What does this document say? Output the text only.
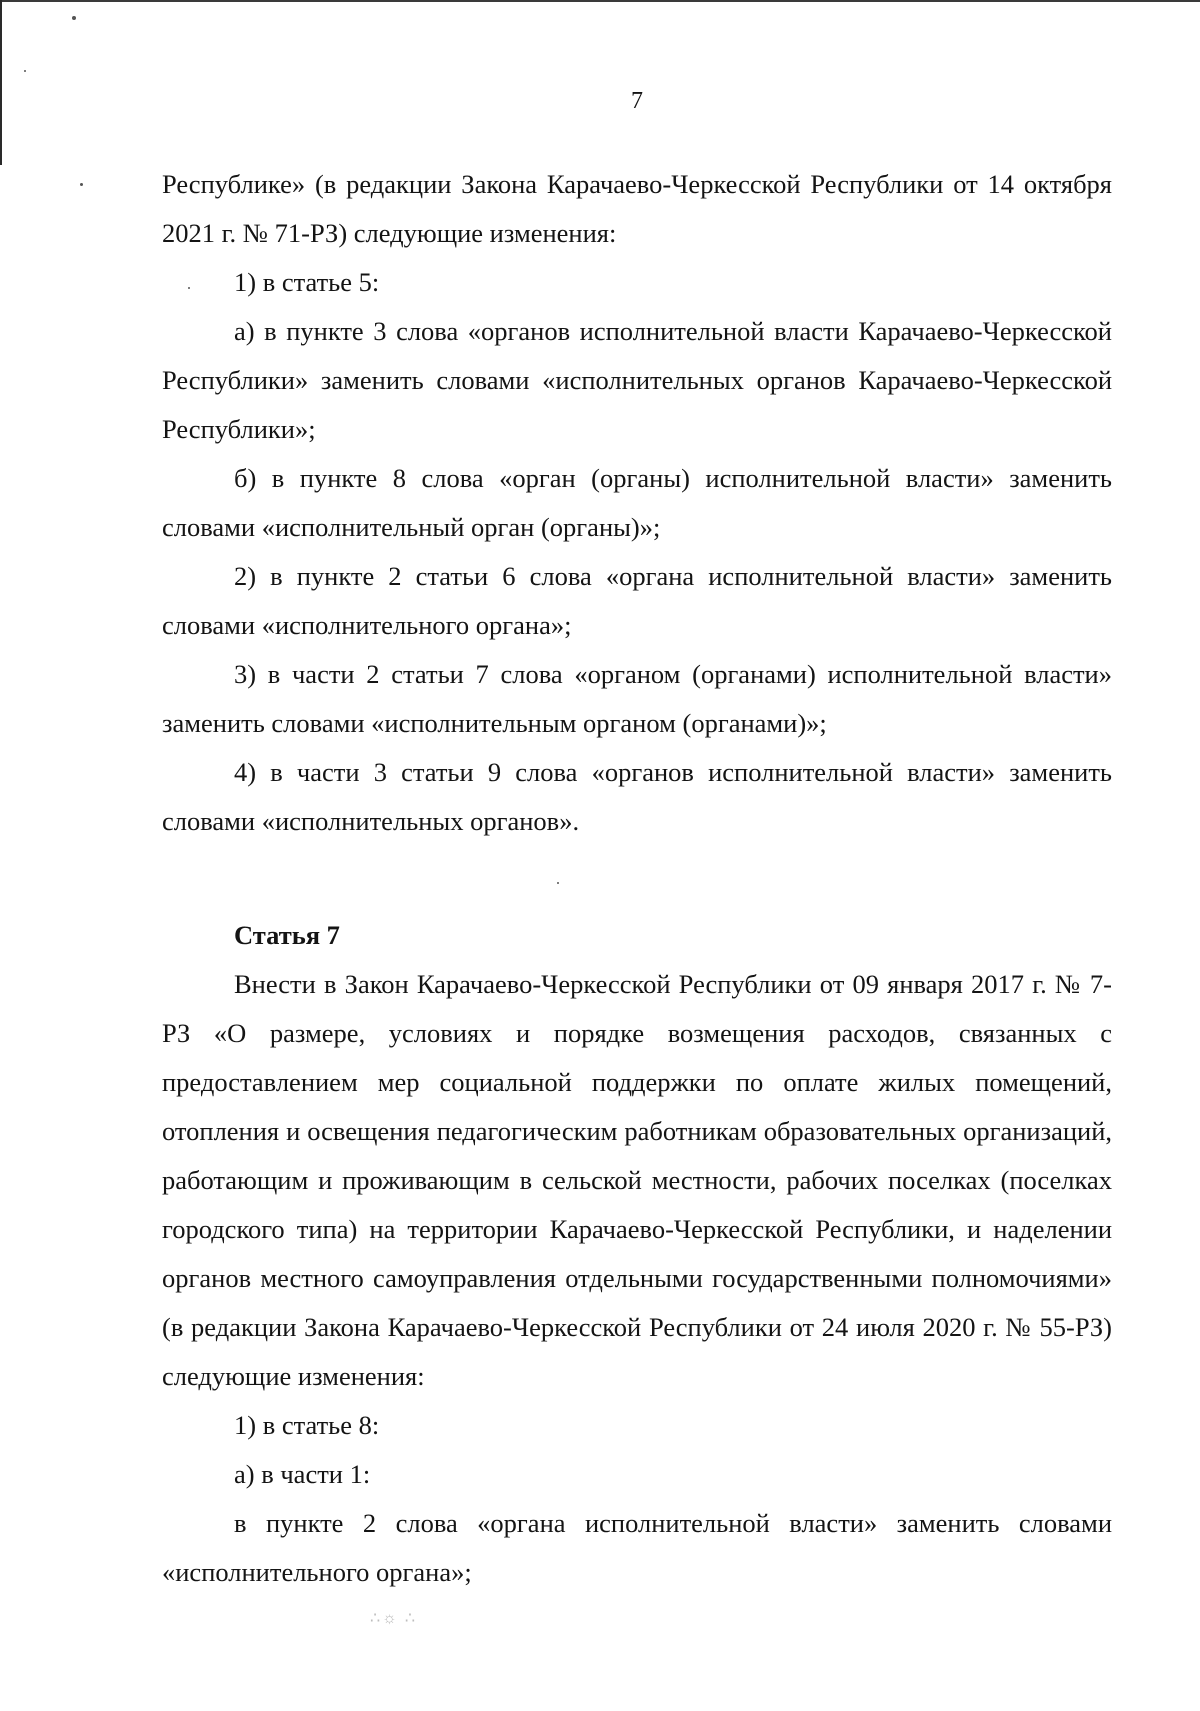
7

Республике» (в редакции Закона Карачаево-Черкесской Республики от 14 октября 2021 г. № 71-РЗ) следующие изменения:

1) в статье 5:

а) в пункте 3 слова «органов исполнительной власти Карачаево-Черкесской Республики» заменить словами «исполнительных органов Карачаево-Черкесской Республики»;

б) в пункте 8 слова «орган (органы) исполнительной власти» заменить словами «исполнительный орган (органы)»;

2) в пункте 2 статьи 6 слова «органа исполнительной власти» заменить словами «исполнительного органа»;

3) в части 2 статьи 7 слова «органом (органами) исполнительной власти» заменить словами «исполнительным органом (органами)»;

4) в части 3 статьи 9 слова «органов исполнительной власти» заменить словами «исполнительных органов».

Статья 7

Внести в Закон Карачаево-Черкесской Республики от 09 января 2017 г. № 7-РЗ «О размере, условиях и порядке возмещения расходов, связанных с предоставлением мер социальной поддержки по оплате жилых помещений, отопления и освещения педагогическим работникам образовательных организаций, работающим и проживающим в сельской местности, рабочих поселках (поселках городского типа) на территории Карачаево-Черкесской Республики, и наделении органов местного самоуправления отдельными государственными полномочиями» (в редакции Закона Карачаево-Черкесской Республики от 24 июля 2020 г. № 55-РЗ) следующие изменения:

1) в статье 8:

а) в части 1:

в пункте 2 слова «органа исполнительной власти» заменить словами «исполнительного органа»;

∴☼ ∴
